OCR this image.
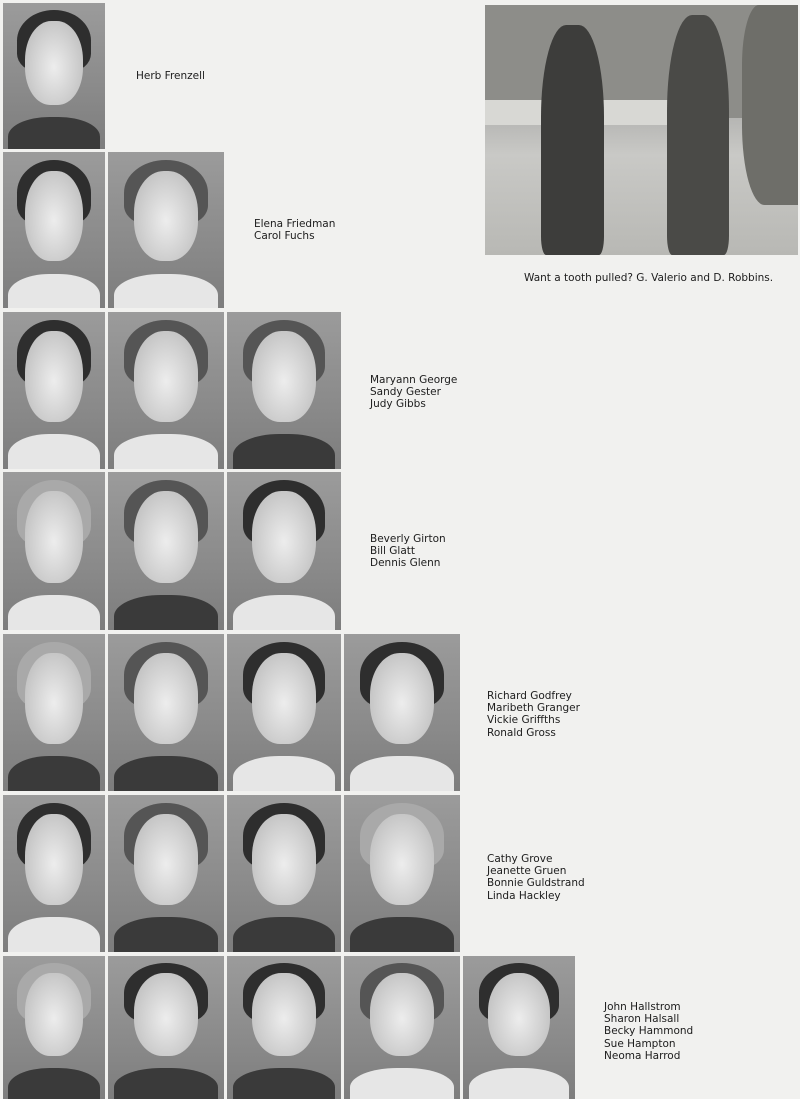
Herb Frenzell
Want a tooth pulled? G. Valerio and D. Robbins.
Elena Friedman
Carol Fuchs
Maryann George
Sandy Gester
Judy Gibbs
Beverly Girton
Bill Glatt
Dennis Glenn
Richard Godfrey
Maribeth Granger
Vickie Griffths
Ronald Gross
Cathy Grove
Jeanette Gruen
Bonnie Guldstrand
Linda Hackley
John Hallstrom
Sharon Halsall
Becky Hammond
Sue Hampton
Neoma Harrod
